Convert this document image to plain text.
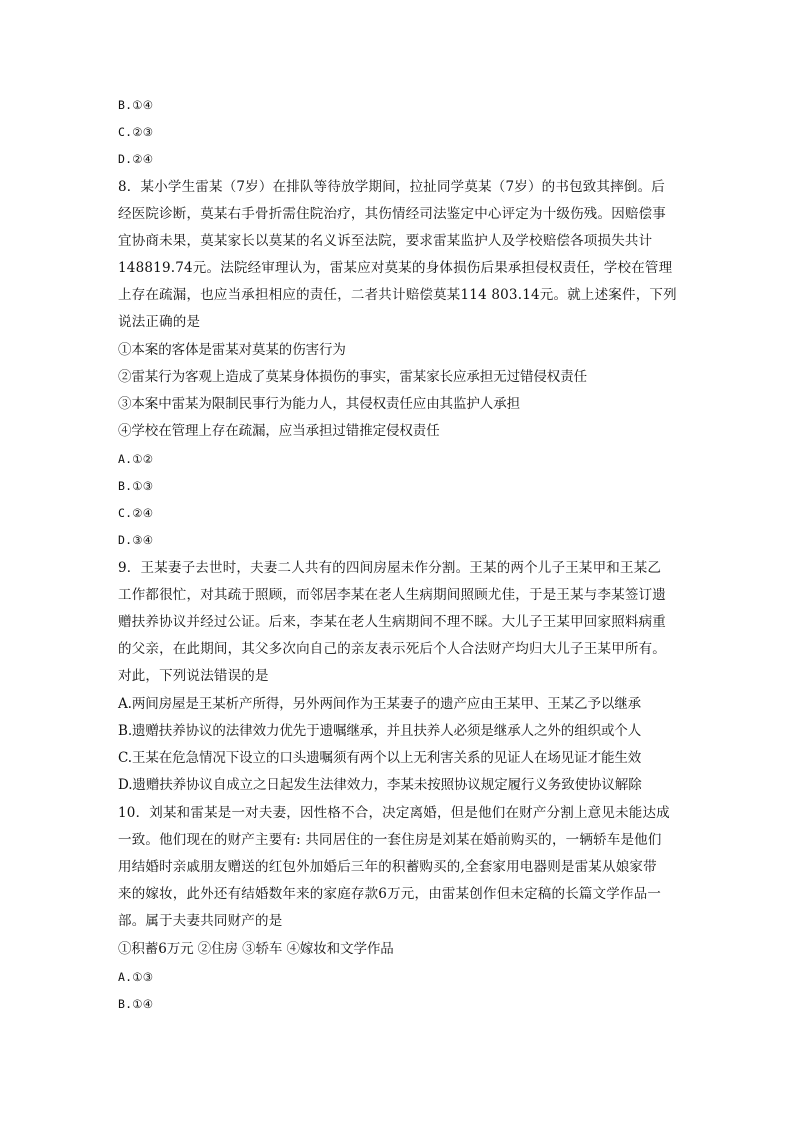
B.①④
C.②③
D.②④
8．某小学生雷某（7岁）在排队等待放学期间，拉扯同学莫某（7岁）的书包致其摔倒。后
经医院诊断，莫某右手骨折需住院治疗，其伤情经司法鉴定中心评定为十级伤残。因赔偿事
宜协商未果，莫某家长以莫某的名义诉至法院，要求雷某监护人及学校赔偿各项损失共计
148819.74元。法院经审理认为，雷某应对莫某的身体损伤后果承担侵权责任，学校在管理
上存在疏漏，也应当承担相应的责任，二者共计赔偿莫某114 803.14元。就上述案件，下列
说法正确的是
①本案的客体是雷某对莫某的伤害行为
②雷某行为客观上造成了莫某身体损伤的事实，雷某家长应承担无过错侵权责任
③本案中雷某为限制民事行为能力人，其侵权责任应由其监护人承担
④学校在管理上存在疏漏，应当承担过错推定侵权责任
A.①②
B.①③
C.②④
D.③④
9．王某妻子去世时，夫妻二人共有的四间房屋未作分割。王某的两个儿子王某甲和王某乙
工作都很忙，对其疏于照顾，而邻居李某在老人生病期间照顾尤佳，于是王某与李某签订遗
赠扶养协议并经过公证。后来，李某在老人生病期间不理不睬。大儿子王某甲回家照料病重
的父亲，在此期间，其父多次向自己的亲友表示死后个人合法财产均归大儿子王某甲所有。
对此，下列说法错误的是
A.两间房屋是王某析产所得，另外两间作为王某妻子的遗产应由王某甲、王某乙予以继承
B.遗赠扶养协议的法律效力优先于遗嘱继承，并且扶养人必须是继承人之外的组织或个人
C.王某在危急情况下设立的口头遗嘱须有两个以上无利害关系的见证人在场见证才能生效
D.遗赠扶养协议自成立之日起发生法律效力，李某未按照协议规定履行义务致使协议解除
10．刘某和雷某是一对夫妻，因性格不合，决定离婚，但是他们在财产分割上意见未能达成
一致。他们现在的财产主要有: 共同居住的一套住房是刘某在婚前购买的，一辆轿车是他们
用结婚时亲戚朋友赠送的红包外加婚后三年的积蓄购买的,全套家用电器则是雷某从娘家带
来的嫁妆，此外还有结婚数年来的家庭存款6万元，由雷某创作但未定稿的长篇文学作品一
部。属于夫妻共同财产的是
①积蓄6万元 ②住房 ③轿车 ④嫁妆和文学作品
A.①③
B.①④
